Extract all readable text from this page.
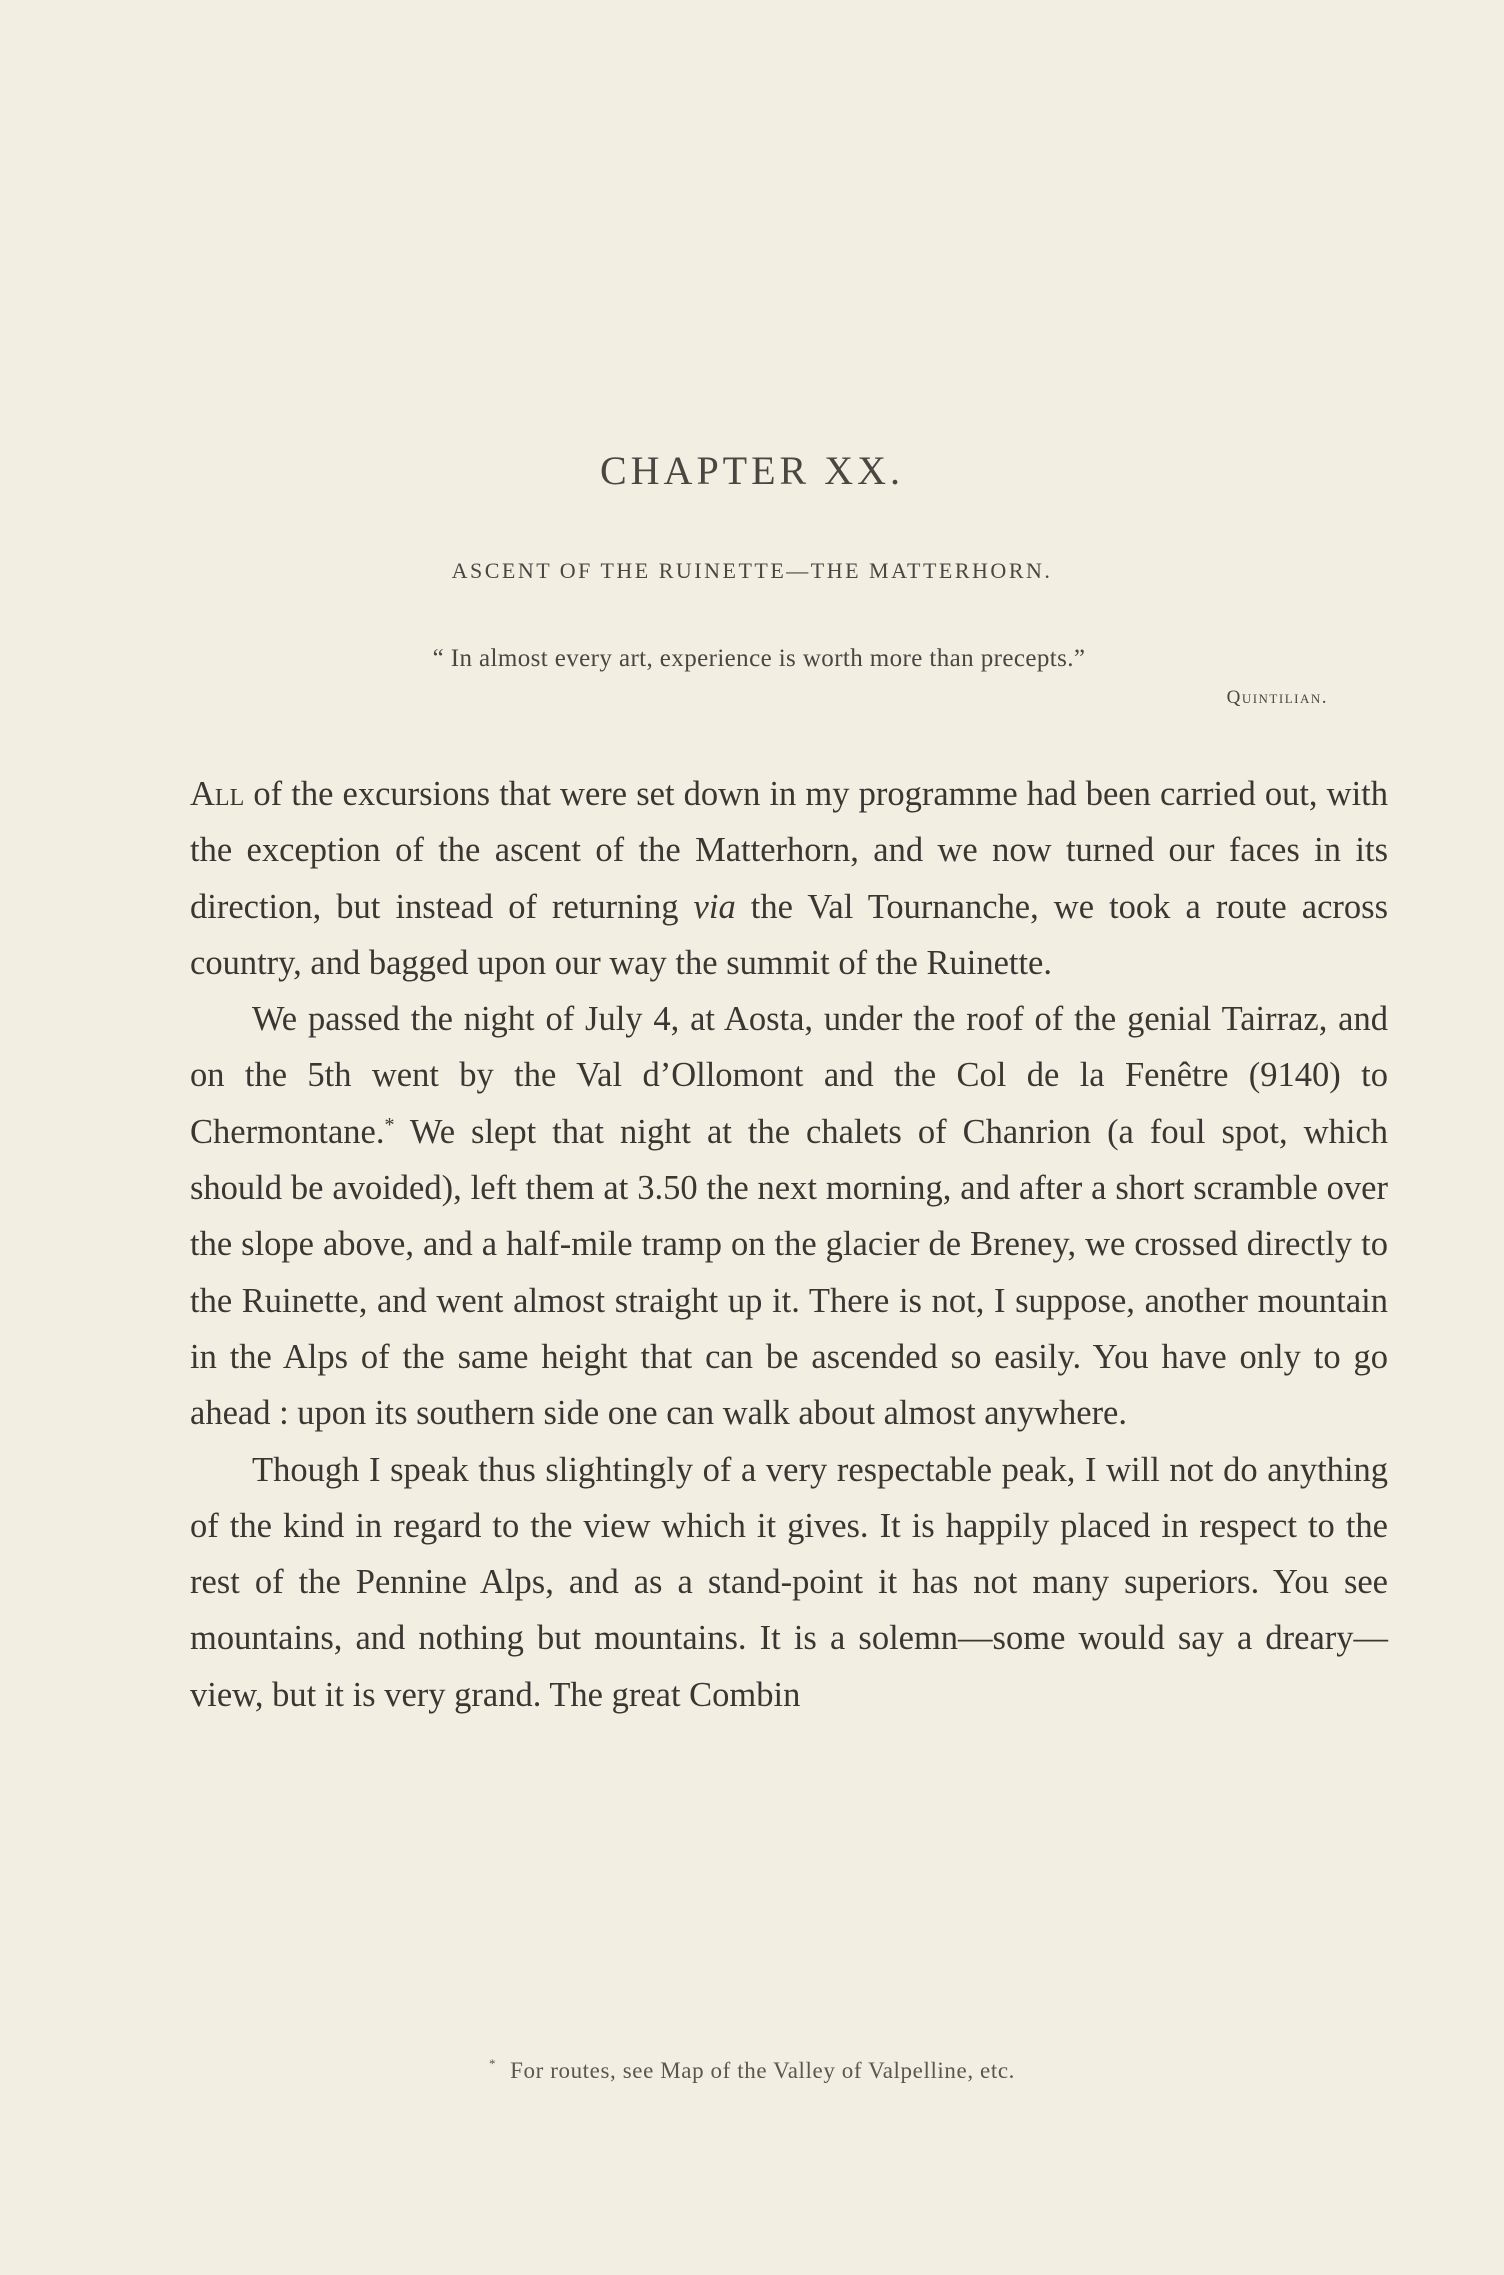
CHAPTER XX.
ASCENT OF THE RUINETTE—THE MATTERHORN.
“ In almost every art, experience is worth more than precepts.”
Quintilian.

All of the excursions that were set down in my programme had been carried out, with the exception of the ascent of the Matterhorn, and we now turned our faces in its direction, but instead of returning via the Val Tournanche, we took a route across country, and bagged upon our way the summit of the Ruinette.

We passed the night of July 4, at Aosta, under the roof of the genial Tairraz, and on the 5th went by the Val d’Ollomont and the Col de la Fenêtre (9140) to Chermontane.* We slept that night at the chalets of Chanrion (a foul spot, which should be avoided), left them at 3.50 the next morning, and after a short scramble over the slope above, and a half-mile tramp on the glacier de Breney, we crossed directly to the Ruinette, and went almost straight up it. There is not, I suppose, another mountain in the Alps of the same height that can be ascended so easily. You have only to go ahead : upon its southern side one can walk about almost anywhere.

Though I speak thus slightingly of a very respectable peak, I will not do anything of the kind in regard to the view which it gives. It is happily placed in respect to the rest of the Pennine Alps, and as a stand-point it has not many superiors. You see mountains, and nothing but mountains. It is a solemn—some would say a dreary—view, but it is very grand. The great Combin

* For routes, see Map of the Valley of Valpelline, etc.
